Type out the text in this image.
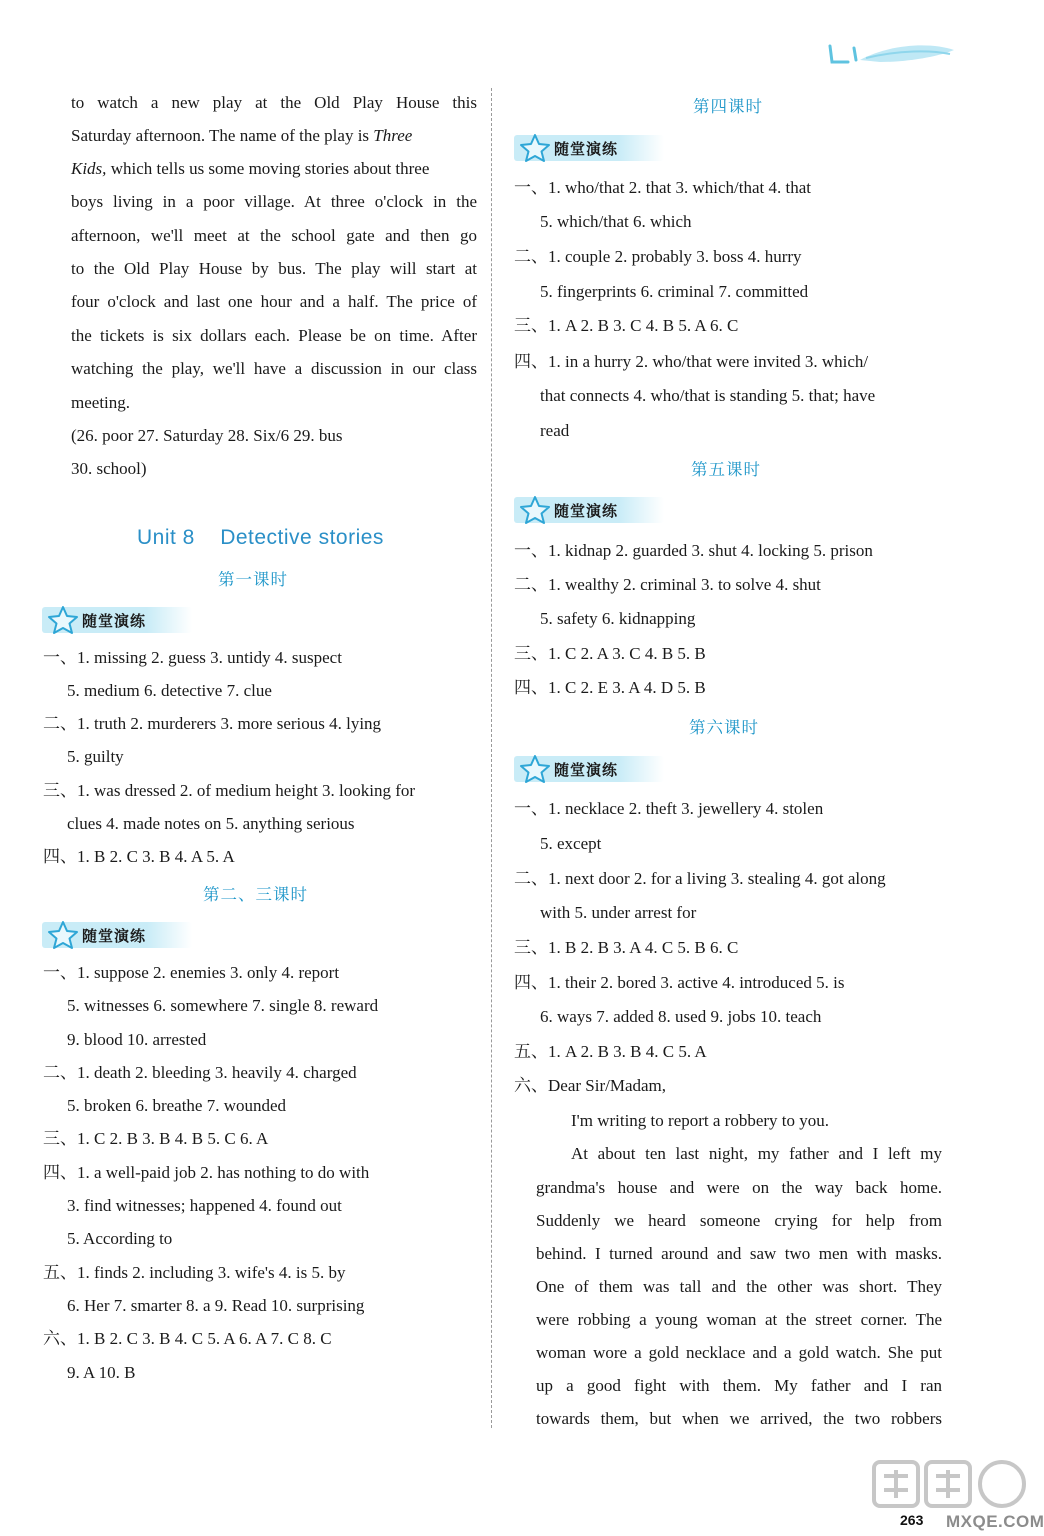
to watch a new play at the Old Play House this
Saturday afternoon. The name of the play is Three
Kids, which tells us some moving stories about three
boys living in a poor village. At three o'clock in the
afternoon, we'll meet at the school gate and then go
to the Old Play House by bus. The play will start at
four o'clock and last one hour and a half. The price of
the tickets is six dollars each. Please be on time. After
watching the play, we'll have a discussion in our class
meeting.
(26. poor 27. Saturday 28. Six/6 29. bus
30. school)
Unit 8    Detective stories
第一课时
随堂演练
一、1. missing 2. guess 3. untidy 4. suspect
5. medium 6. detective 7. clue
二、1. truth 2. murderers 3. more serious 4. lying
5. guilty
三、1. was dressed 2. of medium height 3. looking for
clues 4. made notes on 5. anything serious
四、1. B 2. C 3. B 4. A 5. A
第二、三课时
随堂演练
一、1. suppose 2. enemies 3. only 4. report
5. witnesses 6. somewhere 7. single 8. reward
9. blood 10. arrested
二、1. death 2. bleeding 3. heavily 4. charged
5. broken 6. breathe 7. wounded
三、1. C 2. B 3. B 4. B 5. C 6. A
四、1. a well-paid job 2. has nothing to do with
3. find witnesses; happened 4. found out
5. According to
五、1. finds 2. including 3. wife's 4. is 5. by
6. Her 7. smarter 8. a 9. Read 10. surprising
六、1. B 2. C 3. B 4. C 5. A 6. A 7. C 8. C
9. A 10. B
第四课时
随堂演练
一、1. who/that 2. that 3. which/that 4. that
5. which/that 6. which
二、1. couple 2. probably 3. boss 4. hurry
5. fingerprints 6. criminal 7. committed
三、1. A 2. B 3. C 4. B 5. A 6. C
四、1. in a hurry 2. who/that were invited 3. which/
that connects 4. who/that is standing 5. that; have
read
第五课时
随堂演练
一、1. kidnap 2. guarded 3. shut 4. locking 5. prison
二、1. wealthy 2. criminal 3. to solve 4. shut
5. safety 6. kidnapping
三、1. C 2. A 3. C 4. B 5. B
四、1. C 2. E 3. A 4. D 5. B
第六课时
随堂演练
一、1. necklace 2. theft 3. jewellery 4. stolen
5. except
二、1. next door 2. for a living 3. stealing 4. got along
with 5. under arrest for
三、1. B 2. B 3. A 4. C 5. B 6. C
四、1. their 2. bored 3. active 4. introduced 5. is
6. ways 7. added 8. used 9. jobs 10. teach
五、1. A 2. B 3. B 4. C 5. A
六、Dear Sir/Madam,
I'm writing to report a robbery to you.
At about ten last night, my father and I left my
grandma's house and were on the way back home.
Suddenly we heard someone crying for help from
behind. I turned around and saw two men with masks.
One of them was tall and the other was short. They
were robbing a young woman at the street corner. The
woman wore a gold necklace and a gold watch. She put
up a good fight with them. My father and I ran
towards them, but when we arrived, the two robbers
263 MXQE.COM
